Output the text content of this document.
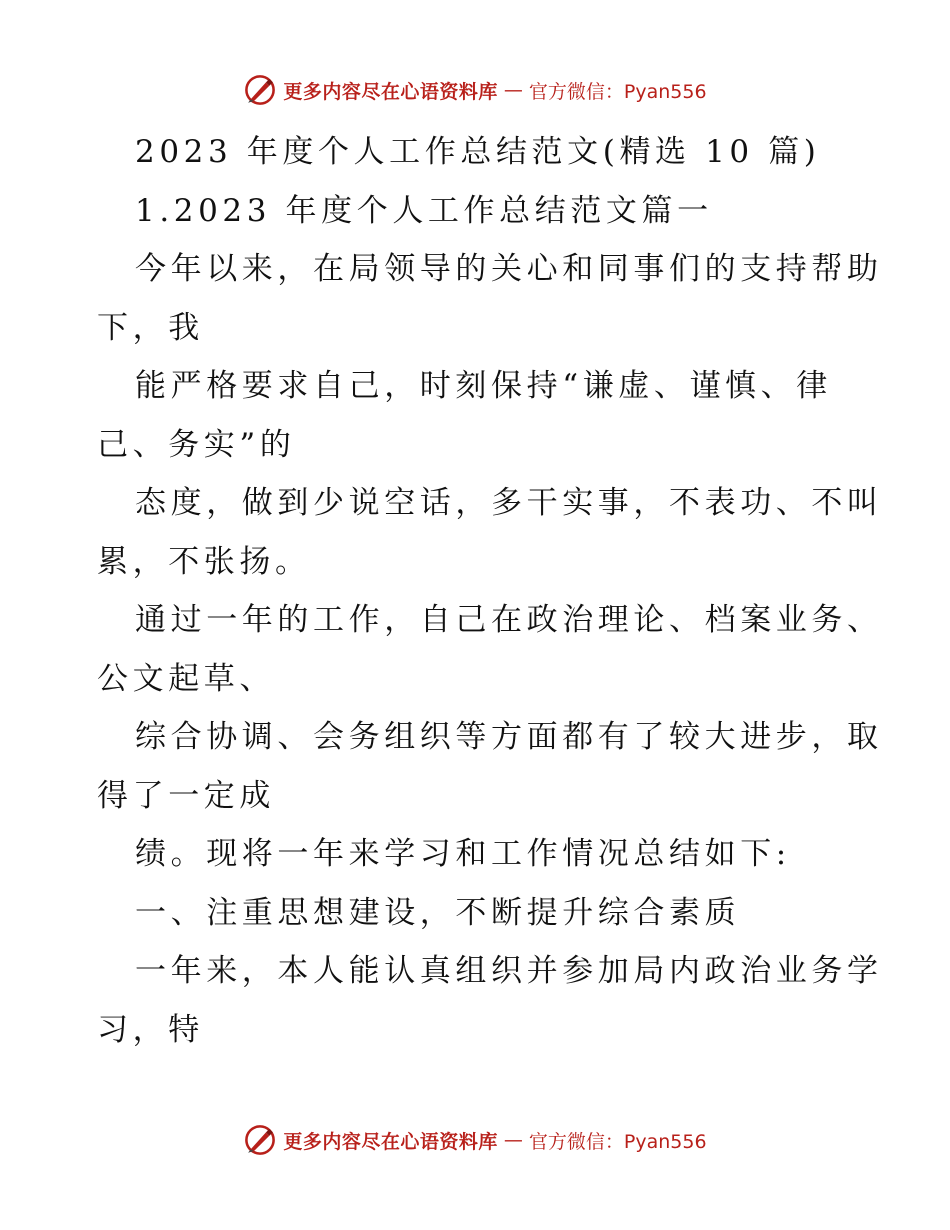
更多内容尽在心语资料库 — 官方微信：Pyan556
2023 年度个人工作总结范文(精选 10 篇)
1.2023 年度个人工作总结范文篇一
今年以来，在局领导的关心和同事们的支持帮助
下，我
能严格要求自己，时刻保持“谦虚、谨慎、律
己、务实”的
态度，做到少说空话，多干实事，不表功、不叫
累，不张扬。
通过一年的工作，自己在政治理论、档案业务、
公文起草、
综合协调、会务组织等方面都有了较大进步，取
得了一定成
绩。现将一年来学习和工作情况总结如下:
一、注重思想建设，不断提升综合素质
一年来，本人能认真组织并参加局内政治业务学
习，特
更多内容尽在心语资料库 — 官方微信：Pyan556
